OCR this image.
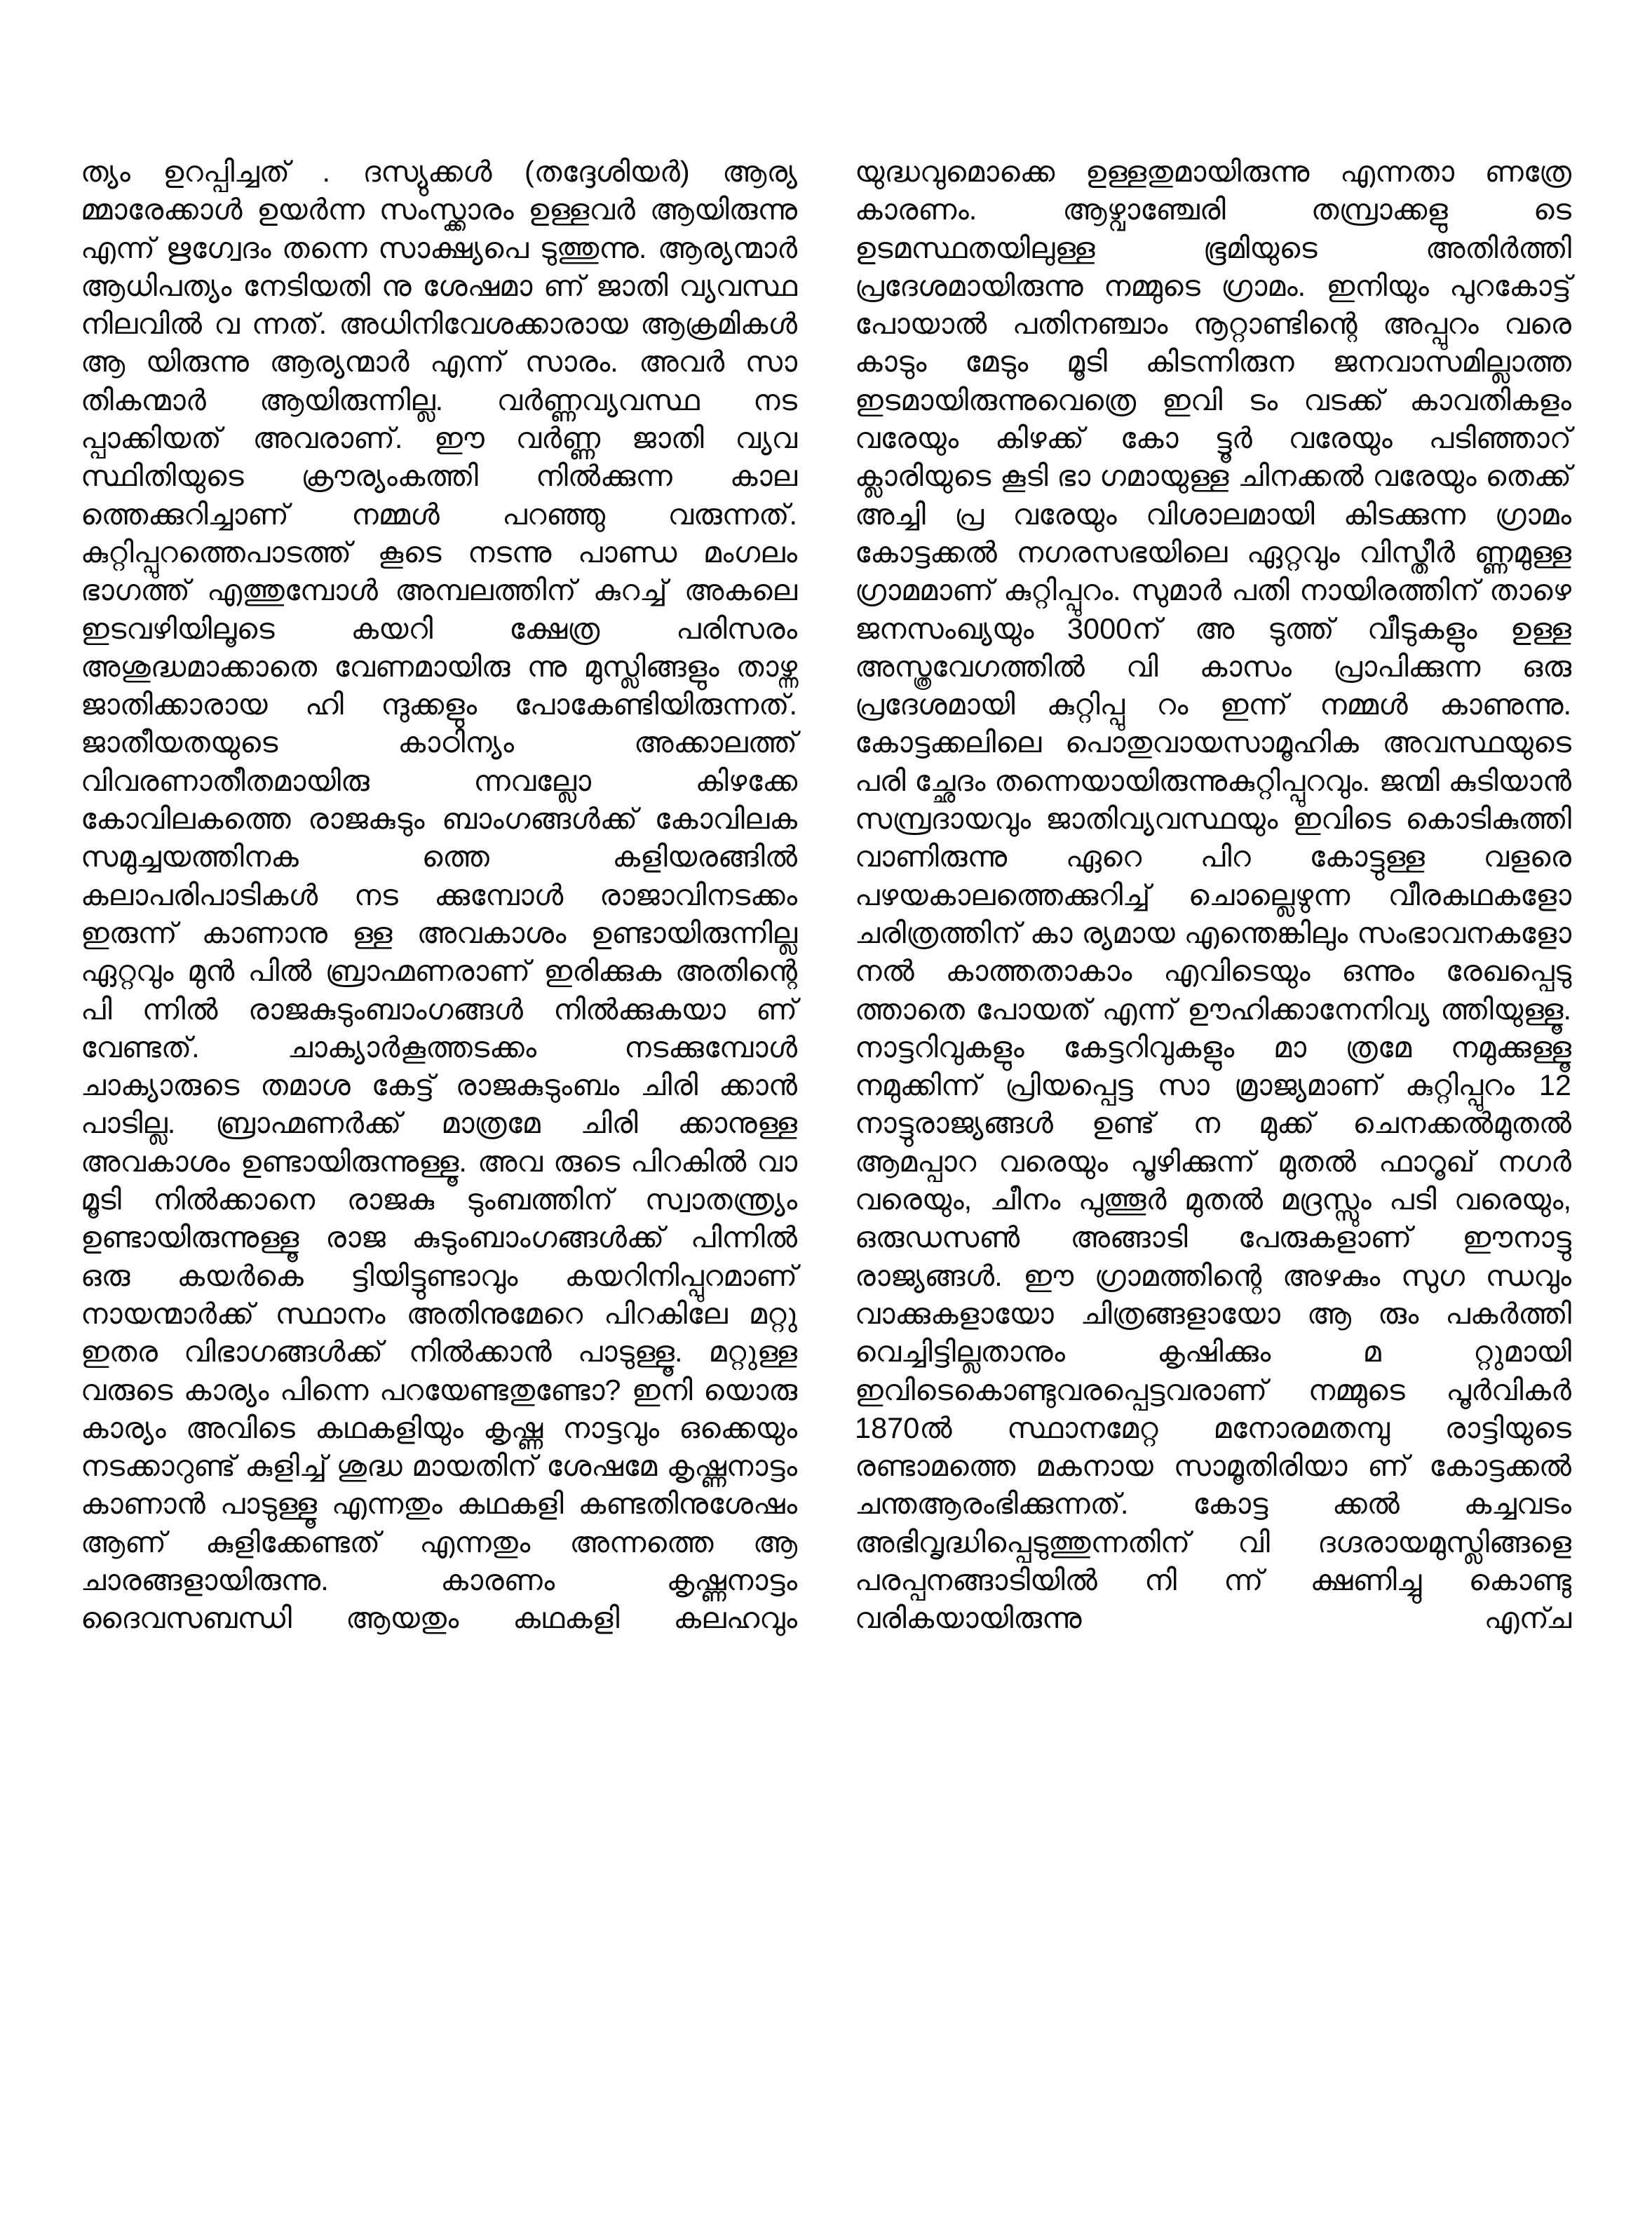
ത്യം ഉറപ്പിച്ചത് . ദസ്യുക്കൾ (തദ്ദേശിയർ) ആര്യ മ്മാരേക്കാൾ ഉയർന്ന സംസ്ക്കാരം ഉള്ളവർ ആയിരുന്നു എന്ന് ഋഗ്വേദം തന്നെ സാക്ഷ്യപെ ടുത്തുന്നു. ആര്യന്മാർ ആധിപത്യം നേടിയതി നു ശേഷമാ ണ് ജാതി വ്യവസ്ഥ നിലവിൽ വ ന്നത്. അധിനിവേശക്കാരായ ആക്രമികൾ ആ യിരുന്നു ആര്യന്മാർ എന്ന് സാരം. അവർ സാ തികന്മാർ ആയിരുന്നില്ല. വർണ്ണവ്യവസ്ഥ നട പ്പാക്കിയത് അവരാണ്. ഈ വർണ്ണ ജാതി വ്യവ സ്ഥിതിയുടെ ക്രൗര്യംകത്തി നിൽക്കുന്ന കാല ത്തെക്കുറിച്ചാണ് നമ്മൾ പറഞ്ഞു വരുന്നത്. കുറ്റിപ്പുറത്തെപാടത്ത് കൂടെ നടന്നു പാണ്ഡ മംഗലം ഭാഗത്ത് എത്തുമ്പോൾ അമ്പലത്തിന് കുറച്ച് അകലെ ഇടവഴിയിലൂടെ കയറി ക്ഷേത്ര പരിസരം അശുദ്ധമാക്കാതെ വേണമായിരു ന്നു മുസ്ലിങ്ങളും താഴ്ന്ന ജാതിക്കാരായ ഹി ന്ദുക്കളും പോകേണ്ടിയിരുന്നത്. ജാതീയതയുടെ കാഠിന്യം അക്കാലത്ത് വിവരണാതീതമായിരു ന്നവല്ലോ കിഴക്കേ കോവിലകത്തെ രാജകുടും ബാംഗങ്ങൾക്ക് കോവിലക സമുച്ചയത്തിനക ത്തെ കളിയരങ്ങിൽ കലാപരിപാടികൾ നട ക്കുമ്പോൾ രാജാവിനടക്കം ഇരുന്ന് കാണാനു ള്ള അവകാശം ഉണ്ടായിരുന്നില്ല ഏറ്റവും മുൻ പിൽ ബ്രാഹ്മണരാണ് ഇരിക്കുക അതിന്റെ പി ന്നിൽ രാജകുടുംബാംഗങ്ങൾ നിൽക്കുകയാ ണ് വേണ്ടത്. ചാക്യാർകൂത്തടക്കം നടക്കുമ്പോൾ ചാക്യാരുടെ തമാശ കേട്ട് രാജകുടുംബം ചിരി ക്കാൻ പാടില്ല. ബ്രാഹ്മണർക്ക് മാത്രമേ ചിരി ക്കാനുള്ള അവകാശം ഉണ്ടായിരുന്നുള്ളൂ. അവ രുടെ പിറകിൽ വാ മൂടി നിൽക്കാനെ രാജകു ടുംബത്തിന് സ്വാതന്ത്ര്യം ഉണ്ടായിരുന്നുള്ളൂ രാജ കുടുംബാംഗങ്ങൾക്ക് പിന്നിൽ ഒരു കയർകെ ട്ടിയിട്ടുണ്ടാവും കയറിനിപ്പുറമാണ് നായന്മാർക്ക് സ്ഥാനം അതിനുമേറെ പിറകിലേ മറ്റു ഇതര വിഭാഗങ്ങൾക്ക് നിൽക്കാൻ പാടുള്ളൂ. മറ്റുള്ള വരുടെ കാര്യം പിന്നെ പറയേണ്ടതുണ്ടോ? ഇനി യൊരു കാര്യം അവിടെ കഥകളിയും കൃഷ്ണ നാട്ടവും ഒക്കെയും നടക്കാറുണ്ട് കുളിച്ച് ശുദ്ധ മായതിന് ശേഷമേ കൃഷ്ണനാട്ടം കാണാൻ പാടുള്ളൂ എന്നതും കഥകളി കണ്ടതിനുശേഷം ആണ് കുളിക്കേണ്ടത് എന്നതും അന്നത്തെ ആ ചാരങ്ങളായിരുന്നു. കാരണം കൃഷ്ണനാട്ടം ദൈവസബന്ധി ആയതും കഥകളി കലഹവും

യുദ്ധവുമൊക്കെ ഉള്ളതുമായിരുന്നു എന്നതാ ണത്രേ കാരണം. ആഴ്വാഞ്ചേരി തമ്പ്രാക്കളു ടെ ഉടമസ്ഥതയിലുള്ള ഭൂമിയുടെ അതിർത്തി പ്രദേശമായിരുന്നു നമ്മുടെ ഗ്രാമം. ഇനിയും പുറകോട്ട് പോയാൽ പതിനഞ്ചാം നൂറ്റാണ്ടിന്റെ അപ്പുറം വരെ കാടും മേടും മൂടി കിടന്നിരുന ജനവാസമില്ലാത്ത ഇടമായിരുന്നുവെത്രെ ഇവി ടം വടക്ക് കാവതികളം വരേയും കിഴക്ക് കോ ട്ടൂർ വരേയും പടിഞ്ഞാറ് ക്ലാരിയുടെ കൂടി ഭാ ഗമായുള്ള ചിനക്കൽ വരേയും തെക്ക് അച്ചി പ്ര വരേയും വിശാലമായി കിടക്കുന്ന ഗ്രാമം കോട്ടക്കൽ നഗരസഭയിലെ ഏറ്റവും വിസ്തീർ ണ്ണമുള്ള ഗ്രാമമാണ് കുറ്റിപ്പുറം. സുമാർ പതി നായിരത്തിന് താഴെ ജനസംഖ്യയും 3000ന് അ ടുത്ത് വീടുകളും ഉള്ള അസ്ത്രവേഗത്തിൽ വി കാസം പ്രാപിക്കുന്ന ഒരു പ്രദേശമായി കുറ്റിപ്പു റം ഇന്ന് നമ്മൾ കാണുന്നു. കോട്ടക്കലിലെ പൊതുവായസാമൂഹിക അവസ്ഥയുടെ പരി ച്ഛേദം തന്നെയായിരുന്നുകുറ്റിപ്പുറവും. ജന്മി കുടിയാൻ സമ്പ്രദായവും ജാതിവ്യവസ്ഥയും ഇവിടെ കൊടികുത്തി വാണിരുന്നു ഏറെ പിറ കോട്ടുള്ള വളരെ പഴയകാലത്തെക്കുറിച്ച് ചൊല്ലെഴുന്ന വീരകഥകളോ ചരിത്രത്തിന് കാ ര്യമായ എന്തെങ്കിലും സംഭാവനകളോ നൽ കാത്തതാകാം എവിടെയും ഒന്നും രേഖപ്പെടു ത്താതെ പോയത് എന്ന് ഊഹിക്കാനേനിവ്യ ത്തിയുള്ളൂ. നാട്ടറിവുകളും കേട്ടറിവുകളും മാ ത്രമേ നമുക്കുള്ളൂ നമുക്കിന്ന് പ്രിയപ്പെട്ട സാ മ്രാജ്യമാണ് കുറ്റിപ്പുറം 12 നാട്ടുരാജ്യങ്ങൾ ഉണ്ട് ന മുക്ക് ചെനക്കൽമുതൽ ആമപ്പാറ വരെയും പൂഴിക്കുന്ന് മുതൽ ഫാറൂഖ് നഗർ വരെയും, ചീനം പുത്തൂർ മുതൽ മദ്രസ്സും പടി വരെയും, ഒരുഡസൺ അങ്ങാടി പേരുകളാണ് ഈനാട്ടു രാജ്യങ്ങൾ. ഈ ഗ്രാമത്തിന്റെ അഴകും സുഗ ന്ധവും വാക്കുകളായോ ചിത്രങ്ങളായോ ആ രും പകർത്തി വെച്ചിട്ടില്ലതാനും കൃഷിക്കും മ റ്റുമായി ഇവിടെകൊണ്ടുവരപ്പെട്ടവരാണ് നമ്മുടെ പൂർവികർ 1870ൽ സ്ഥാനമേറ്റ മനോരമതമ്പു രാട്ടിയുടെ രണ്ടാമത്തെ മകനായ സാമൂതിരിയാ ണ് കോട്ടക്കൽ ചന്തആരംഭിക്കുന്നത്. കോട്ട ക്കൽ കച്ചവടം അഭിവൃദ്ധിപ്പെടുത്തുന്നതിന് വി ദഗ്ദരായമുസ്ലിങ്ങളെ പരപ്പനങ്ങാടിയിൽ നി ന്ന് ക്ഷണിച്ചു കൊണ്ടു വരികയായിരുന്നു എന്ച
